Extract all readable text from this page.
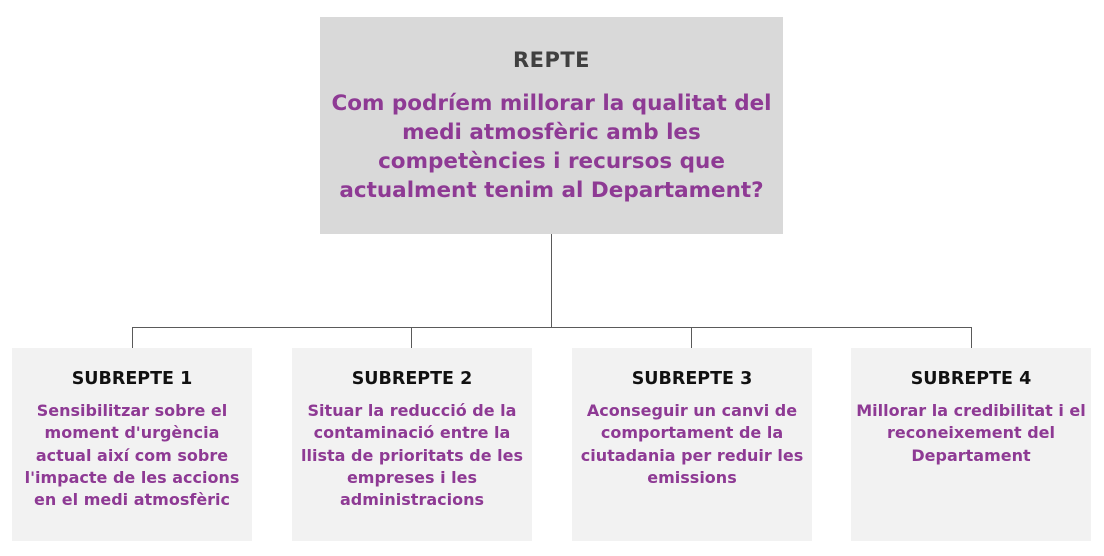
REPTE
Com podríem millorar la qualitat del medi atmosfèric amb les competències i recursos que actualment tenim al Departament?
SUBREPTE 1
Sensibilitzar sobre el moment d'urgència actual així com sobre l'impacte de les accions en el medi atmosfèric
SUBREPTE 2
Situar la reducció de la contaminació entre la llista de prioritats de les empreses i les administracions
SUBREPTE 3
Aconseguir un canvi de comportament de la ciutadania per reduir les emissions
SUBREPTE 4
Millorar la credibilitat i el reconeixement del Departament
